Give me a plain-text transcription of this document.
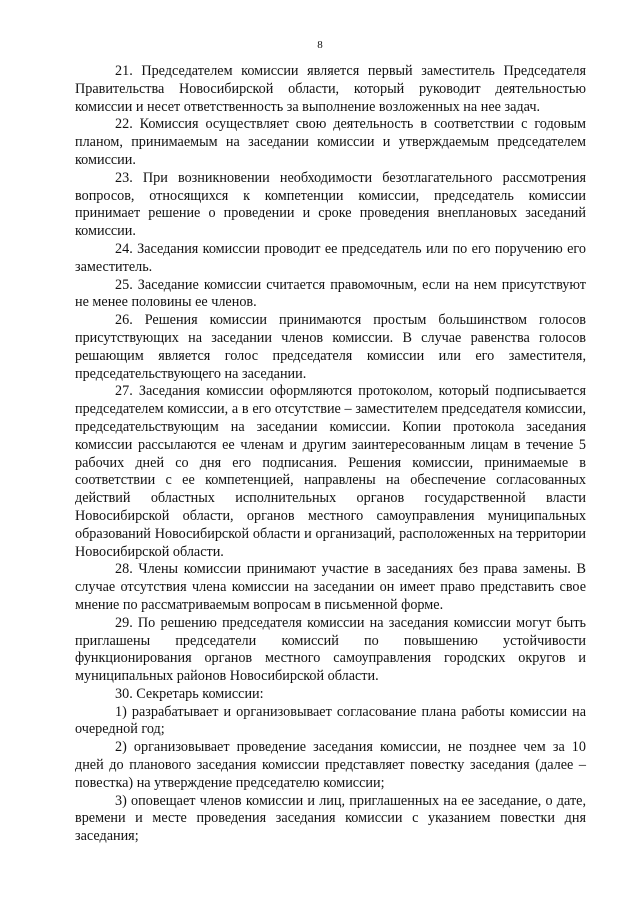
8

21. Председателем комиссии является первый заместитель Председателя Правительства Новосибирской области, который руководит деятельностью комиссии и несет ответственность за выполнение возложенных на нее задач.

22. Комиссия осуществляет свою деятельность в соответствии с годовым планом, принимаемым на заседании комиссии и утверждаемым председателем комиссии.

23. При возникновении необходимости безотлагательного рассмотрения вопросов, относящихся к компетенции комиссии, председатель комиссии принимает решение о проведении и сроке проведения внеплановых заседаний комиссии.

24. Заседания комиссии проводит ее председатель или по его поручению его заместитель.

25. Заседание комиссии считается правомочным, если на нем присутствуют не менее половины ее членов.

26. Решения комиссии принимаются простым большинством голосов присутствующих на заседании членов комиссии. В случае равенства голосов решающим является голос председателя комиссии или его заместителя, председательствующего на заседании.

27. Заседания комиссии оформляются протоколом, который подписывается председателем комиссии, а в его отсутствие – заместителем председателя комиссии, председательствующим на заседании комиссии. Копии протокола заседания комиссии рассылаются ее членам и другим заинтересованным лицам в течение 5 рабочих дней со дня его подписания. Решения комиссии, принимаемые в соответствии с ее компетенцией, направлены на обеспечение согласованных действий областных исполнительных органов государственной власти Новосибирской области, органов местного самоуправления муниципальных образований Новосибирской области и организаций, расположенных на территории Новосибирской области.

28. Члены комиссии принимают участие в заседаниях без права замены. В случае отсутствия члена комиссии на заседании он имеет право представить свое мнение по рассматриваемым вопросам в письменной форме.

29. По решению председателя комиссии на заседания комиссии могут быть приглашены председатели комиссий по повышению устойчивости функционирования органов местного самоуправления городских округов и муниципальных районов Новосибирской области.

30. Секретарь комиссии:

1) разрабатывает и организовывает согласование плана работы комиссии на очередной год;

2) организовывает проведение заседания комиссии, не позднее чем за 10 дней до планового заседания комиссии представляет повестку заседания (далее – повестка) на утверждение председателю комиссии;

3) оповещает членов комиссии и лиц, приглашенных на ее заседание, о дате, времени и месте проведения заседания комиссии с указанием повестки дня заседания;
